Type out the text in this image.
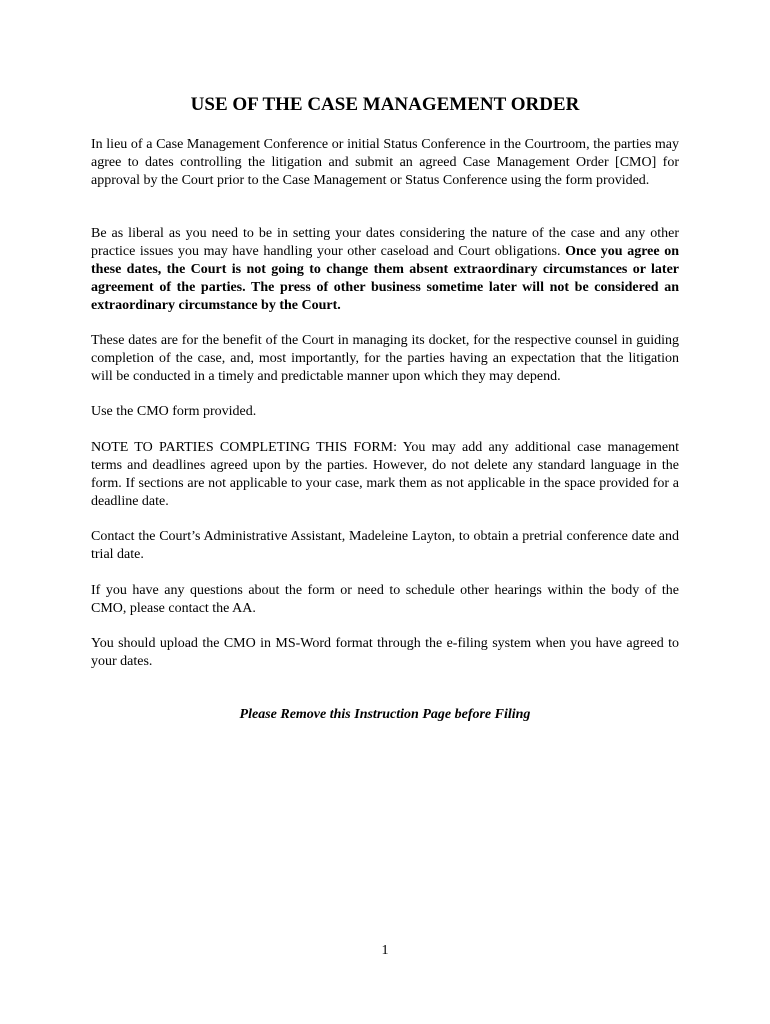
USE OF THE CASE MANAGEMENT ORDER

In lieu of a Case Management Conference or initial Status Conference in the Courtroom, the parties may agree to dates controlling the litigation and submit an agreed Case Management Order [CMO] for approval by the Court prior to the Case Management or Status Conference using the form provided.

Be as liberal as you need to be in setting your dates considering the nature of the case and any other practice issues you may have handling your other caseload and Court obligations. Once you agree on these dates, the Court is not going to change them absent extraordinary circumstances or later agreement of the parties. The press of other business sometime later will not be considered an extraordinary circumstance by the Court.

These dates are for the benefit of the Court in managing its docket, for the respective counsel in guiding completion of the case, and, most importantly, for the parties having an expectation that the litigation will be conducted in a timely and predictable manner upon which they may depend.

Use the CMO form provided.

NOTE TO PARTIES COMPLETING THIS FORM: You may add any additional case management terms and deadlines agreed upon by the parties. However, do not delete any standard language in the form. If sections are not applicable to your case, mark them as not applicable in the space provided for a deadline date.

Contact the Court’s Administrative Assistant, Madeleine Layton, to obtain a pretrial conference date and trial date.

If you have any questions about the form or need to schedule other hearings within the body of the CMO, please contact the AA.

You should upload the CMO in MS-Word format through the e-filing system when you have agreed to your dates.

Please Remove this Instruction Page before Filing

1
